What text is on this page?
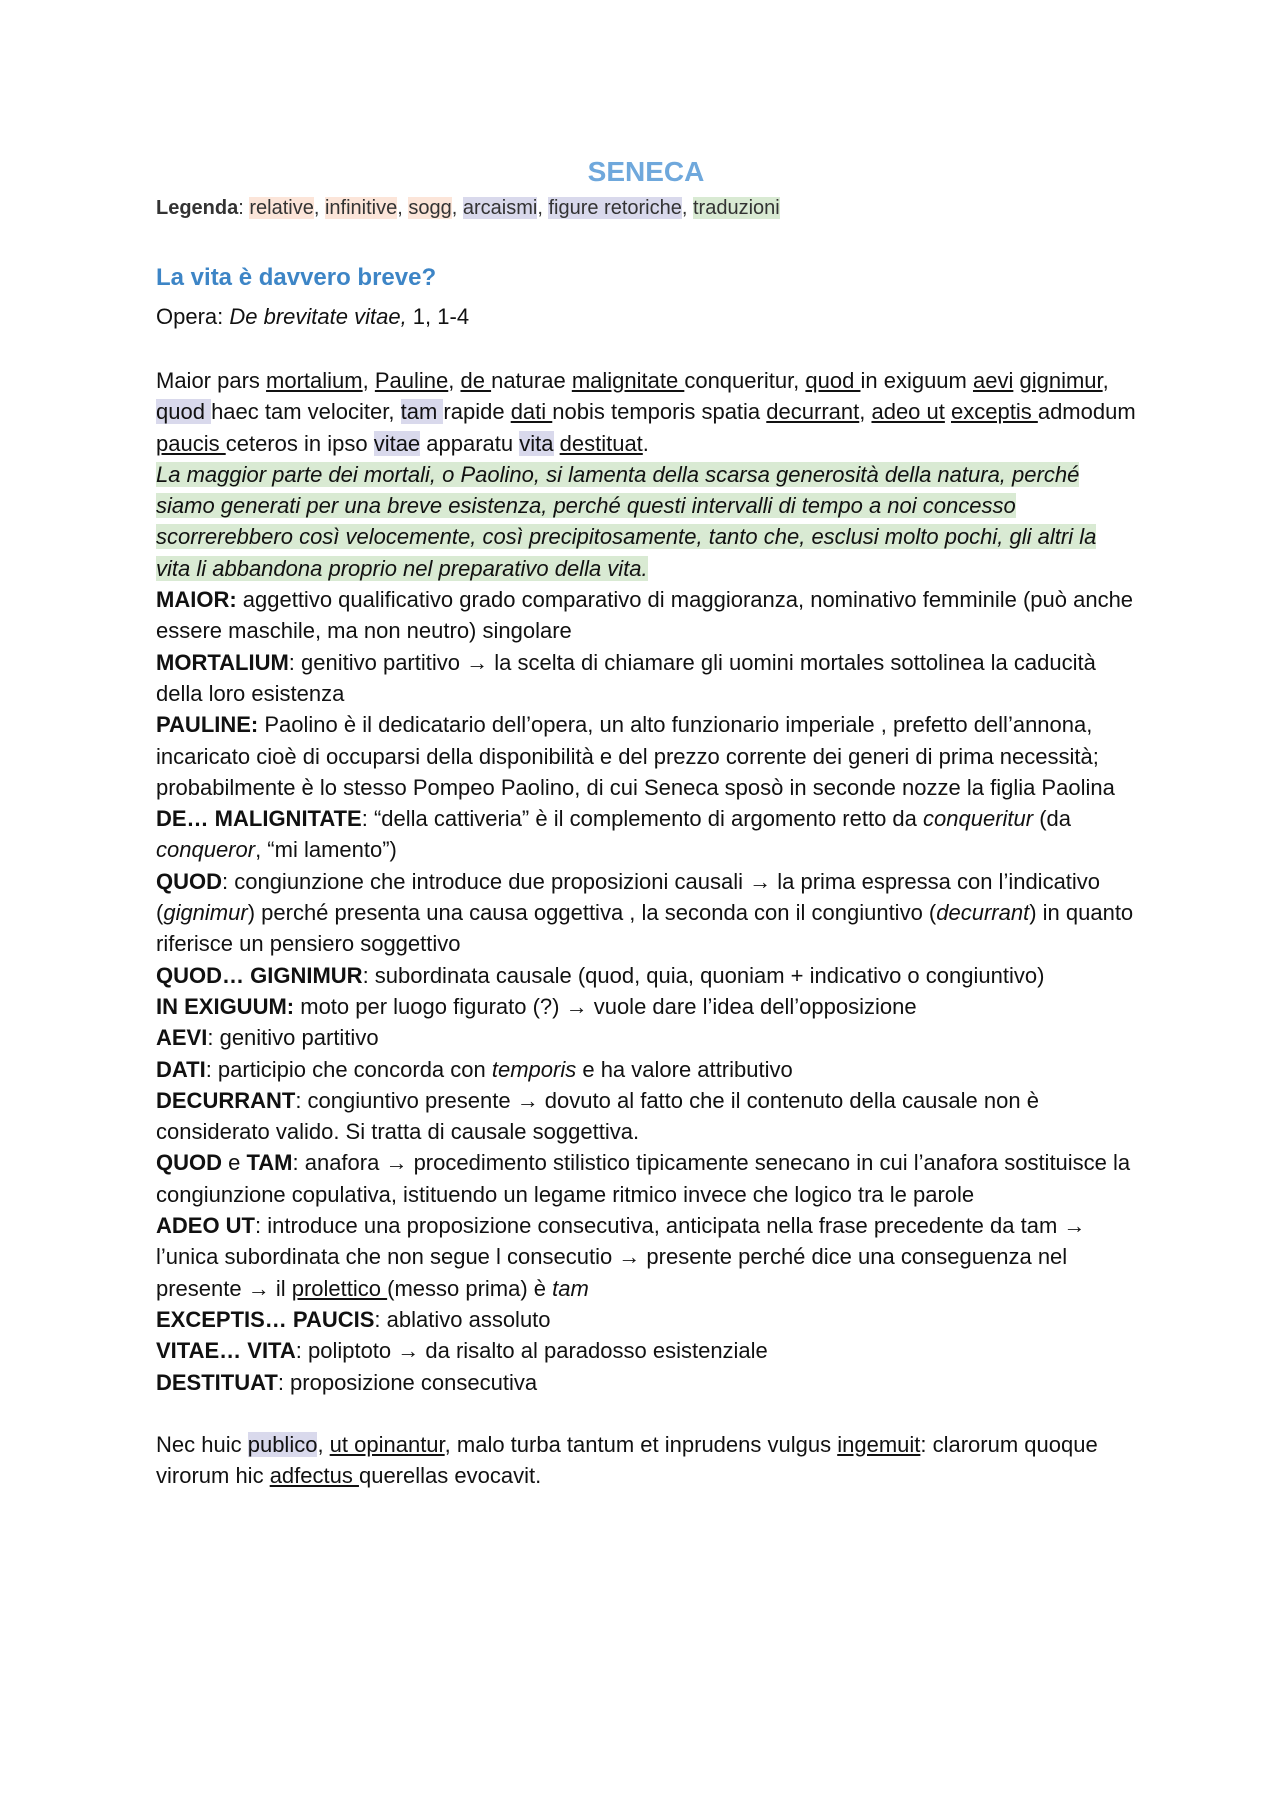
SENECA
Legenda: relative, infinitive, sogg, arcaismi, figure retoriche, traduzioni
La vita è davvero breve?
Opera: De brevitate vitae, 1, 1-4

Maior pars mortalium, Pauline, de naturae malignitate conqueritur, quod in exiguum aevi gignimur, quod haec tam velociter, tam rapide dati nobis temporis spatia decurrant, adeo ut exceptis admodum paucis ceteros in ipso vitae apparatu vita destituat.

La maggior parte dei mortali, o Paolino, si lamenta della scarsa generosità della natura, perché siamo generati per una breve esistenza, perché questi intervalli di tempo a noi concesso scorrerebbero così velocemente, così precipitosamente, tanto che, esclusi molto pochi, gli altri la vita li abbandona proprio nel preparativo della vita.

MAIOR: aggettivo qualificativo grado comparativo di maggioranza, nominativo femminile (può anche essere maschile, ma non neutro) singolare

MORTALIUM: genitivo partitivo → la scelta di chiamare gli uomini mortales sottolinea la caducità della loro esistenza

PAULINE: Paolino è il dedicatario dell’opera, un alto funzionario imperiale , prefetto dell’annona, incaricato cioè di occuparsi della disponibilità e del prezzo corrente dei generi di prima necessità; probabilmente è lo stesso Pompeo Paolino, di cui Seneca sposò in seconde nozze la figlia Paolina

DE… MALIGNITATE: “della cattiveria” è il complemento di argomento retto da conqueritur (da conqueror, “mi lamento”)

QUOD: congiunzione che introduce due proposizioni causali → la prima espressa con l’indicativo (gignimur) perché presenta una causa oggettiva , la seconda con il congiuntivo (decurrant) in quanto riferisce un pensiero soggettivo

QUOD… GIGNIMUR: subordinata causale (quod, quia, quoniam + indicativo o congiuntivo)

IN EXIGUUM: moto per luogo figurato (?) → vuole dare l’idea dell’opposizione

AEVI: genitivo partitivo

DATI: participio che concorda con temporis e ha valore attributivo

DECURRANT: congiuntivo presente → dovuto al fatto che il contenuto della causale non è considerato valido. Si tratta di causale soggettiva.

QUOD e TAM: anafora → procedimento stilistico tipicamente senecano in cui l’anafora sostituisce la congiunzione copulativa, istituendo un legame ritmico invece che logico tra le parole

ADEO UT: introduce una proposizione consecutiva, anticipata nella frase precedente da tam → l’unica subordinata che non segue l consecutio → presente perché dice una conseguenza nel presente → il prolettico (messo prima) è tam

EXCEPTIS… PAUCIS: ablativo assoluto

VITAE… VITA: poliptoto → da risalto al paradosso esistenziale

DESTITUAT: proposizione consecutiva

Nec huic publico, ut opinantur, malo turba tantum et inprudens vulgus ingemuit: clarorum quoque virorum hic adfectus querellas evocavit.
